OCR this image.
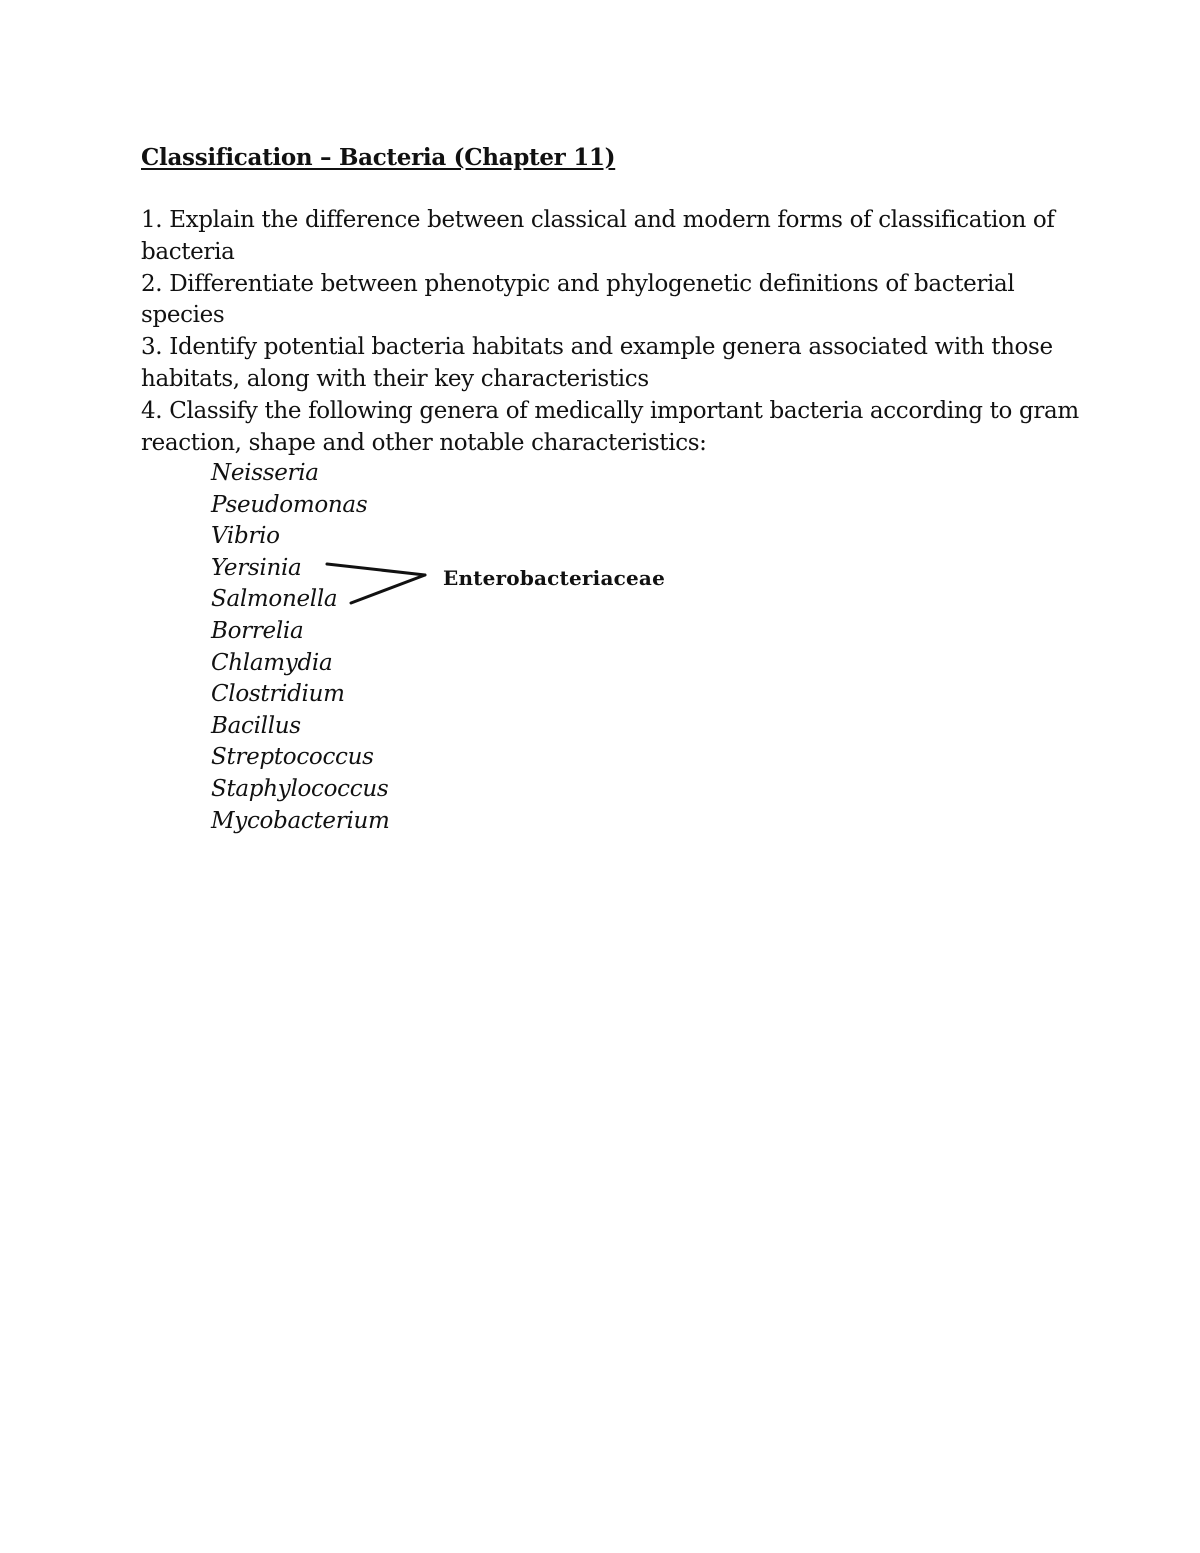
Classification – Bacteria (Chapter 11)

1. Explain the difference between classical and modern forms of classification of bacteria

2. Differentiate between phenotypic and phylogenetic definitions of bacterial species

3. Identify potential bacteria habitats and example genera associated with those habitats, along with their key characteristics

4. Classify the following genera of medically important bacteria according to gram reaction, shape and other notable characteristics:

Neisseria
Pseudomonas
Vibrio
Yersinia
Salmonella
Borrelia
Chlamydia
Clostridium
Bacillus
Streptococcus
Staphylococcus
Mycobacterium
Enterobacteriaceae
